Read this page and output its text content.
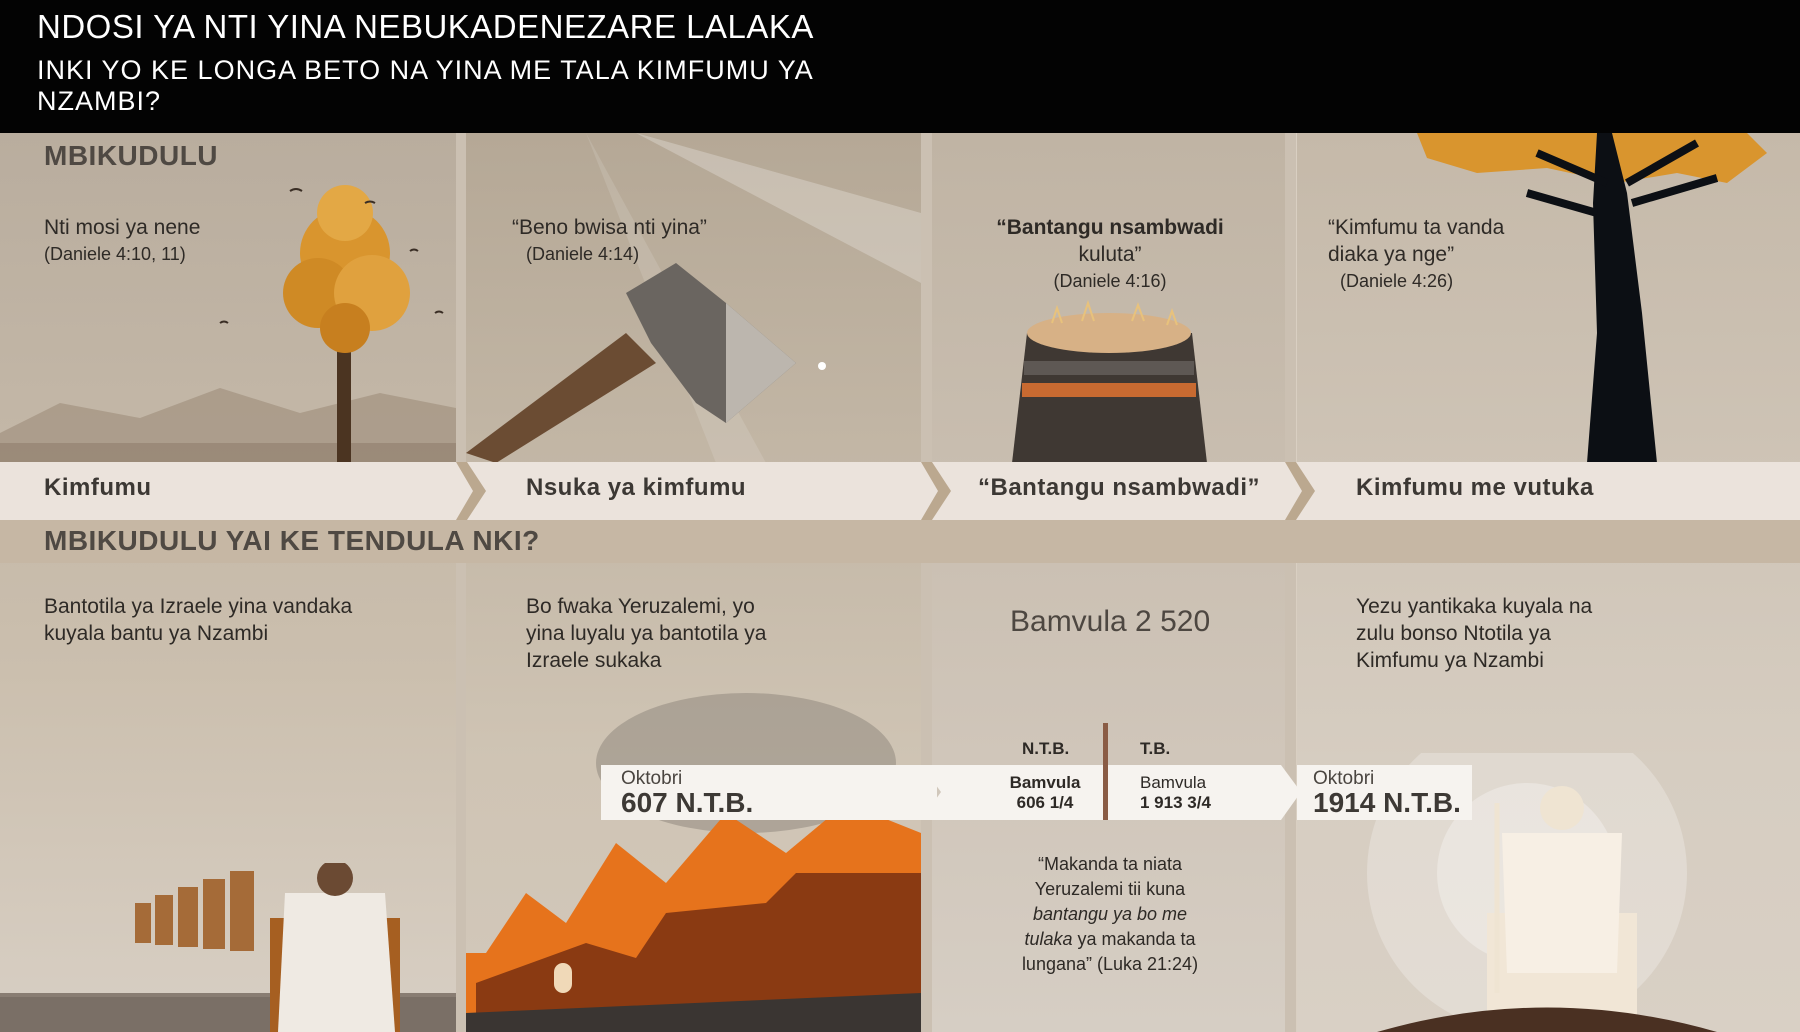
NDOSI YA NTI YINA NEBUKADENEZARE LALAKA
INKI YO KE LONGA BETO NA YINA ME TALA KIMFUMU YA NZAMBI?
MBIKUDULU
Nti mosi ya nene
(Daniele 4:10, 11)
“Beno bwisa nti yina”
(Daniele 4:14)
“Bantangu nsambwadi
kuluta”
(Daniele 4:16)
“Kimfumu ta vanda diaka ya nge”
(Daniele 4:26)
Kimfumu	Nsuka ya kimfumu	“Bantangu nsambwadi”	Kimfumu me vutuka
MBIKUDULU YAI KE TENDULA NKI?
Bantotila ya Izraele yina vandaka kuyala bantu ya Nzambi
Bo fwaka Yeruzalemi, yo yina luyalu ya bantotila ya Izraele sukaka
Bamvula 2 520	Yezu yantikaka kuyala na zulu bonso Ntotila ya Kimfumu ya Nzambi
Oktobri
607 N.T.B.
N.T.B.	T.B.
Bamvula
606 1/4
Bamvula
1 913 3/4
Oktobri
1914 N.T.B.
“Makanda ta niata
Yeruzalemi tii kuna
bantangu ya bo me
tulaka ya makanda ta
lungana” (Luka 21:24)
